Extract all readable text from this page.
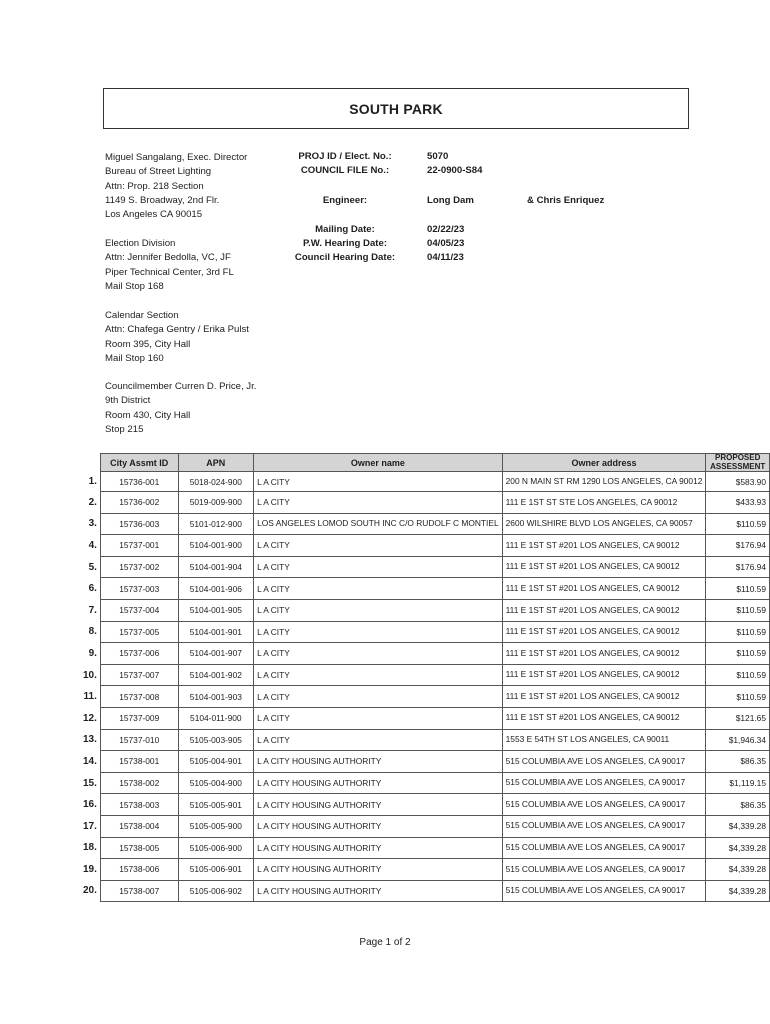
SOUTH PARK
Miguel Sangalang, Exec. Director
Bureau of Street Lighting
Attn: Prop. 218 Section
1149 S. Broadway, 2nd Flr.
Los Angeles CA 90015
Election Division
Attn: Jennifer Bedolla, VC, JF
Piper Technical Center, 3rd FL
Mail Stop 168
Calendar Section
Attn: Chafega Gentry / Erika Pulst
Room 395, City Hall
Mail Stop 160
Councilmember Curren D. Price, Jr.
9th District
Room 430, City Hall
Stop 215
PROJ ID / Elect. No.:	5070
COUNCIL FILE No.:	22-0900-S84
Engineer:	Long Dam	& Chris Enriquez
Mailing Date:	02/22/23
P.W. Hearing Date:	04/05/23
Council Hearing Date:	04/11/23
	City Assmt ID	APN	Owner name	Owner address	PROPOSED ASSESSMENT
1.	15736-001	5018-024-900	L A CITY	200 N MAIN ST RM 1290 LOS ANGELES, CA 90012	$583.90
2.	15736-002	5019-009-900	L A CITY	111 E 1ST ST STE LOS ANGELES, CA 90012	$433.93
3.	15736-003	5101-012-900	LOS ANGELES LOMOD SOUTH INC C/O RUDOLF C MONTIEL	2600 WILSHIRE BLVD LOS ANGELES, CA 90057	$110.59
4.	15737-001	5104-001-900	L A CITY	111 E 1ST ST #201 LOS ANGELES, CA 90012	$176.94
5.	15737-002	5104-001-904	L A CITY	111 E 1ST ST #201 LOS ANGELES, CA 90012	$176.94
6.	15737-003	5104-001-906	L A CITY	111 E 1ST ST #201 LOS ANGELES, CA 90012	$110.59
7.	15737-004	5104-001-905	L A CITY	111 E 1ST ST #201 LOS ANGELES, CA 90012	$110.59
8.	15737-005	5104-001-901	L A CITY	111 E 1ST ST #201 LOS ANGELES, CA 90012	$110.59
9.	15737-006	5104-001-907	L A CITY	111 E 1ST ST #201 LOS ANGELES, CA 90012	$110.59
10.	15737-007	5104-001-902	L A CITY	111 E 1ST ST #201 LOS ANGELES, CA 90012	$110.59
11.	15737-008	5104-001-903	L A CITY	111 E 1ST ST #201 LOS ANGELES, CA 90012	$110.59
12.	15737-009	5104-011-900	L A CITY	111 E 1ST ST #201 LOS ANGELES, CA 90012	$121.65
13.	15737-010	5105-003-905	L A CITY	1553 E 54TH ST LOS ANGELES, CA 90011	$1,946.34
14.	15738-001	5105-004-901	L A CITY HOUSING AUTHORITY	515 COLUMBIA AVE LOS ANGELES, CA 90017	$86.35
15.	15738-002	5105-004-900	L A CITY HOUSING AUTHORITY	515 COLUMBIA AVE LOS ANGELES, CA 90017	$1,119.15
16.	15738-003	5105-005-901	L A CITY HOUSING AUTHORITY	515 COLUMBIA AVE LOS ANGELES, CA 90017	$86.35
17.	15738-004	5105-005-900	L A CITY HOUSING AUTHORITY	515 COLUMBIA AVE LOS ANGELES, CA 90017	$4,339.28
18.	15738-005	5105-006-900	L A CITY HOUSING AUTHORITY	515 COLUMBIA AVE LOS ANGELES, CA 90017	$4,339.28
19.	15738-006	5105-006-901	L A CITY HOUSING AUTHORITY	515 COLUMBIA AVE LOS ANGELES, CA 90017	$4,339.28
20.	15738-007	5105-006-902	L A CITY HOUSING AUTHORITY	515 COLUMBIA AVE LOS ANGELES, CA 90017	$4,339.28
Page 1 of 2
